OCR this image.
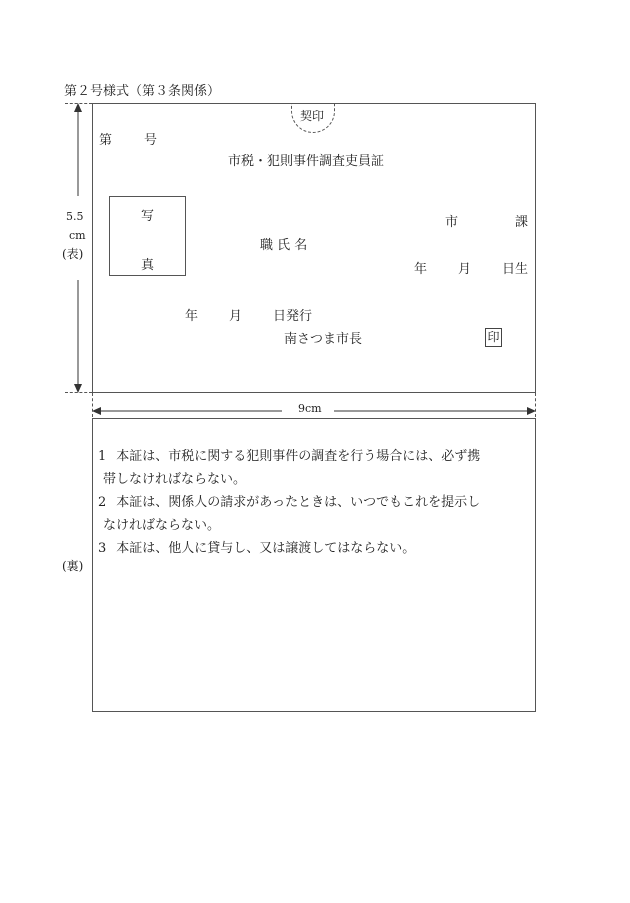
第２号様式（第３条関係）
契印
第 号
市税・犯則事件調査吏員証
写
真
市	課
職 氏 名
年 月 日生
年 月 日発行
南さつま市長	印
5.5
cm
(表)
9cm
(裏)
1 本証は、市税に関する犯則事件の調査を行う場合には、必ず携
帯しなければならない。
2 本証は、関係人の請求があったときは、いつでもこれを提示し
なければならない。
3 本証は、他人に貸与し、又は譲渡してはならない。
